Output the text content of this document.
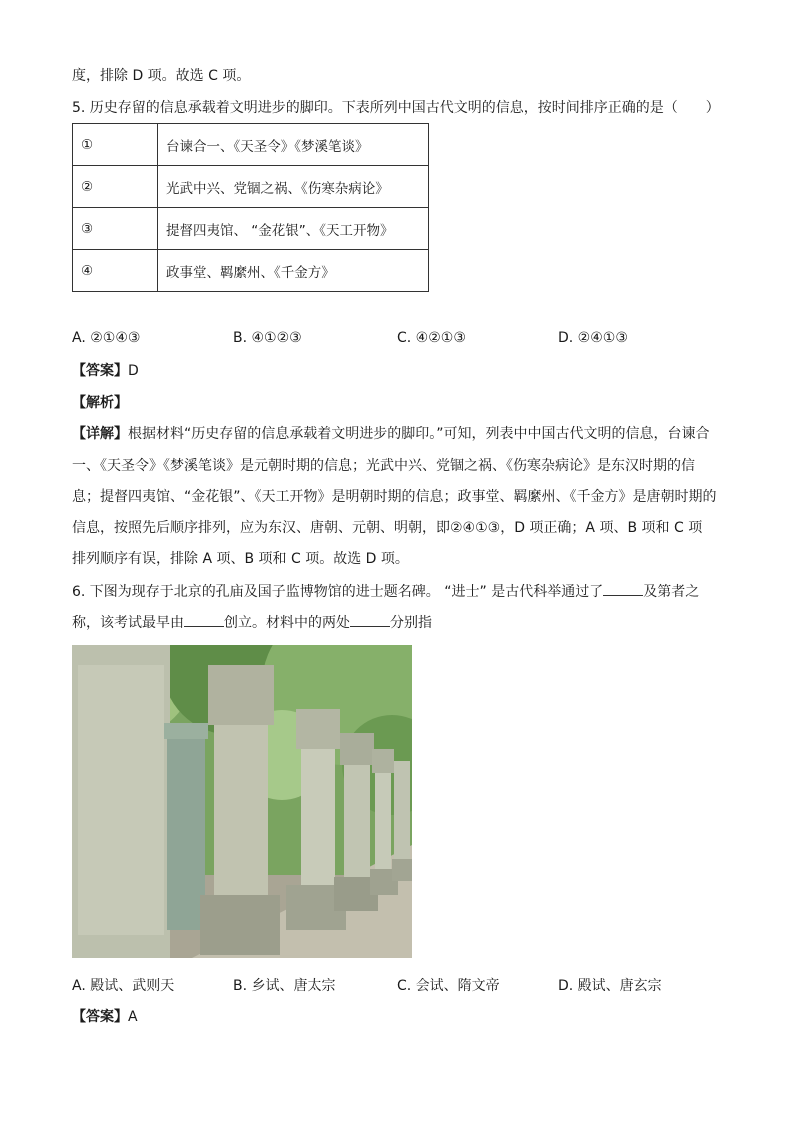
度，排除 D 项。故选 C 项。
5. 历史存留的信息承载着文明进步的脚印。下表所列中国古代文明的信息，按时间排序正确的是（　　）
①	台谏合一、《天圣令》《梦溪笔谈》
②	光武中兴、党锢之祸、《伤寒杂病论》
③	提督四夷馆、 “金花银”、《天工开物》
④	政事堂、羁縻州、《千金方》
A. ②①④③	B. ④①②③	C. ④②①③	D. ②④①③
【答案】D
【解析】
【详解】根据材料“历史存留的信息承载着文明进步的脚印。”可知，列表中中国古代文明的信息，台谏合
一、《天圣令》《梦溪笔谈》是元朝时期的信息；光武中兴、党锢之祸、《伤寒杂病论》是东汉时期的信
息；提督四夷馆、“金花银”、《天工开物》是明朝时期的信息；政事堂、羁縻州、《千金方》是唐朝时期的
信息，按照先后顺序排列，应为东汉、唐朝、元朝、明朝，即②④①③，D 项正确；A 项、B 项和 C 项
排列顺序有误，排除 A 项、B 项和 C 项。故选 D 项。
6. 下图为现存于北京的孔庙及国子监博物馆的进士题名碑。 “进士” 是古代科举通过了	及第者之
称，该考试最早由	创立。材料中的两处	分别指
A. 殿试、武则天	B. 乡试、唐太宗	C. 会试、隋文帝	D. 殿试、唐玄宗
【答案】A
